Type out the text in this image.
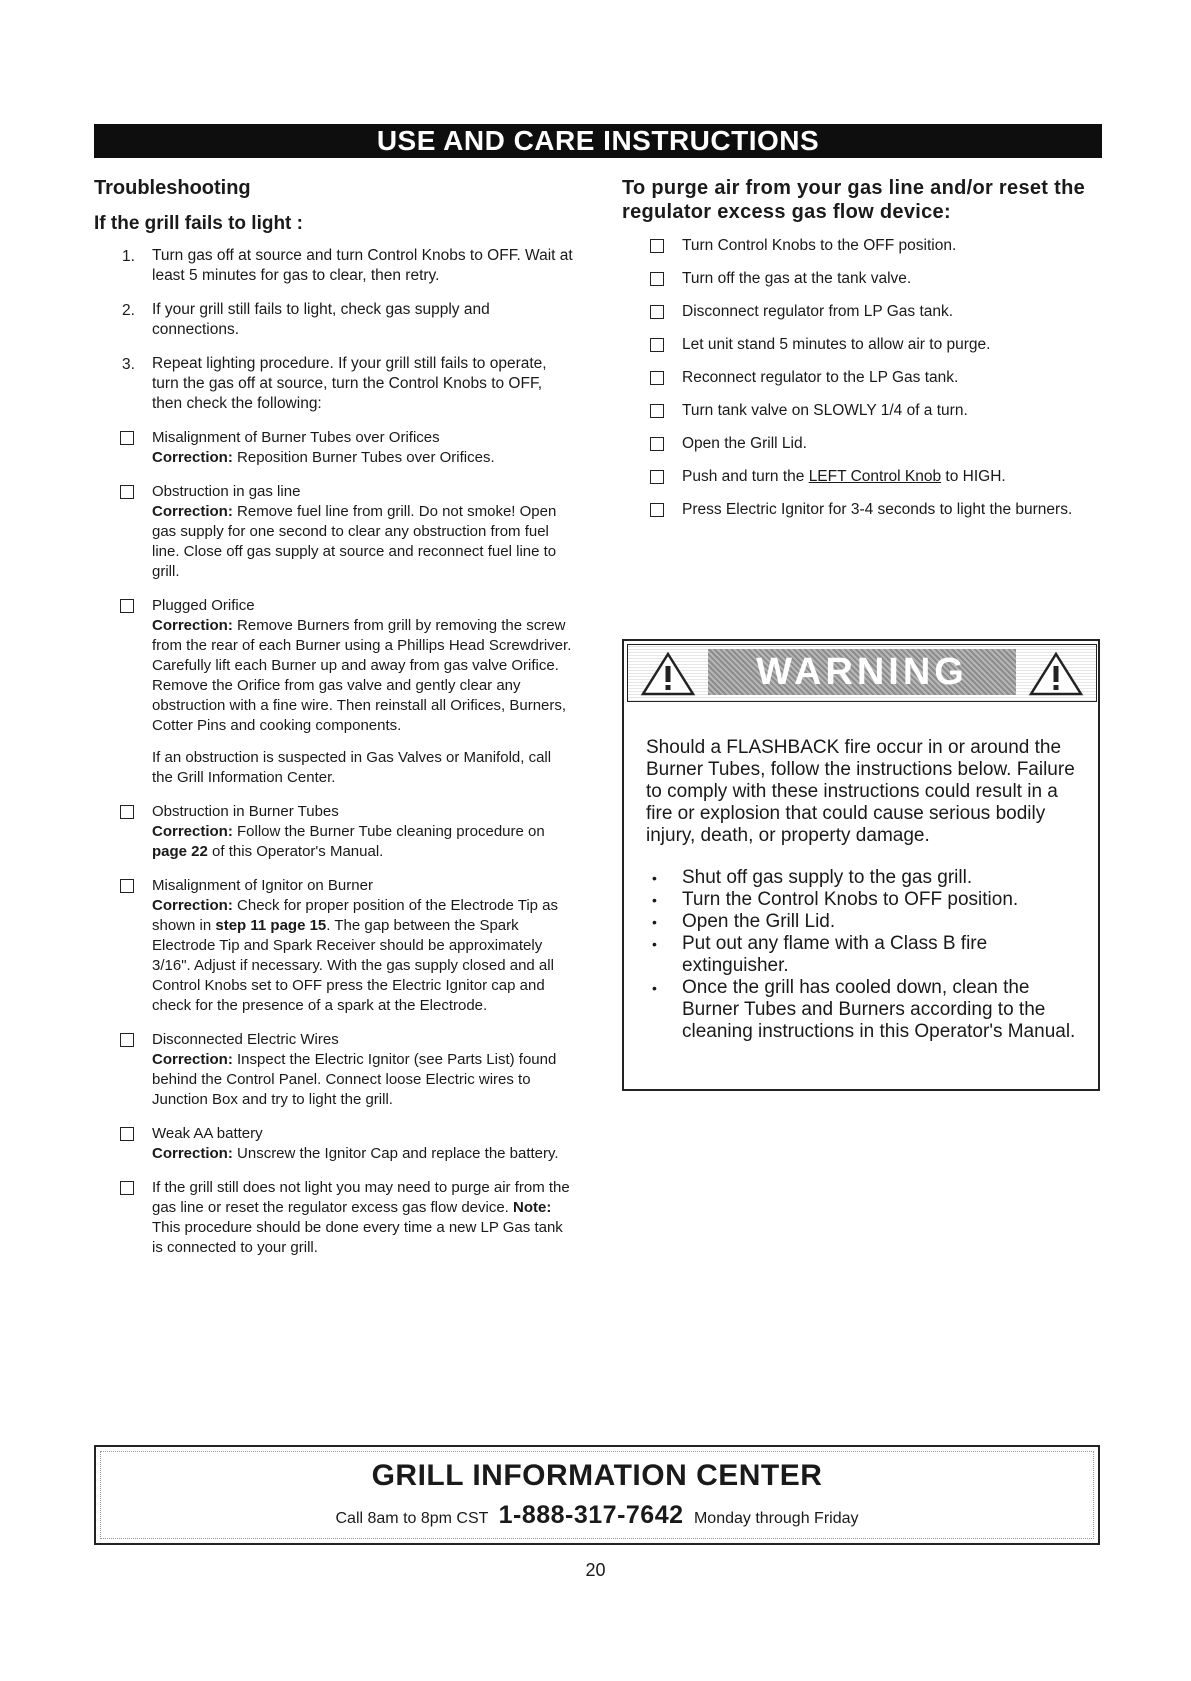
USE AND CARE INSTRUCTIONS
Troubleshooting
If the grill fails to light :
1. Turn gas off at source and turn Control Knobs to OFF. Wait at least 5 minutes for gas to clear, then retry.
2. If your grill still fails to light, check gas supply and connections.
3. Repeat lighting procedure. If your grill still fails to operate, turn the gas off at source, turn the Control Knobs to OFF, then check the following:
Misalignment of Burner Tubes over Orifices
Correction: Reposition Burner Tubes over Orifices.
Obstruction in gas line
Correction: Remove fuel line from grill. Do not smoke! Open gas supply for one second to clear any obstruction from fuel line. Close off gas supply at source and reconnect fuel line to grill.
Plugged Orifice
Correction: Remove Burners from grill by removing the screw from the rear of each Burner using a Phillips Head Screwdriver. Carefully lift each Burner up and away from gas valve Orifice. Remove the Orifice from gas valve and gently clear any obstruction with a fine wire. Then reinstall all Orifices, Burners, Cotter Pins and cooking components.
If an obstruction is suspected in Gas Valves or Manifold, call the Grill Information Center.
Obstruction in Burner Tubes
Correction: Follow the Burner Tube cleaning procedure on page 22 of this Operator's Manual.
Misalignment of Ignitor on Burner
Correction: Check for proper position of the Electrode Tip as shown in step 11 page 15. The gap between the Spark Electrode Tip and Spark Receiver should be approximately 3/16". Adjust if necessary. With the gas supply closed and all Control Knobs set to OFF press the Electric Ignitor cap and check for the presence of a spark at the Electrode.
Disconnected Electric Wires
Correction: Inspect the Electric Ignitor (see Parts List) found behind the Control Panel. Connect loose Electric wires to Junction Box and try to light the grill.
Weak AA battery
Correction: Unscrew the Ignitor Cap and replace the battery.
If the grill still does not light you may need to purge air from the gas line or reset the regulator excess gas flow device. Note: This procedure should be done every time a new LP Gas tank is connected to your grill.
To purge air from your gas line and/or reset the regulator excess gas flow device:
Turn Control Knobs to the OFF position.
Turn off the gas at the tank valve.
Disconnect regulator from LP Gas tank.
Let unit stand 5 minutes to allow air to purge.
Reconnect regulator to the LP Gas tank.
Turn tank valve on SLOWLY 1/4 of a turn.
Open the Grill Lid.
Push and turn the LEFT Control Knob to HIGH.
Press Electric Ignitor for 3-4 seconds to light the burners.
WARNING
Should a FLASHBACK fire occur in or around the Burner Tubes, follow the instructions below. Failure to comply with these instructions could result in a fire or explosion that could cause serious bodily injury, death, or property damage.
• Shut off gas supply to the gas grill.
• Turn the Control Knobs to OFF position.
• Open the Grill Lid.
• Put out any flame with a Class B fire extinguisher.
• Once the grill has cooled down, clean the Burner Tubes and Burners according to the cleaning instructions in this Operator's Manual.
GRILL INFORMATION CENTER
Call 8am to 8pm CST 1-888-317-7642 Monday through Friday
20
